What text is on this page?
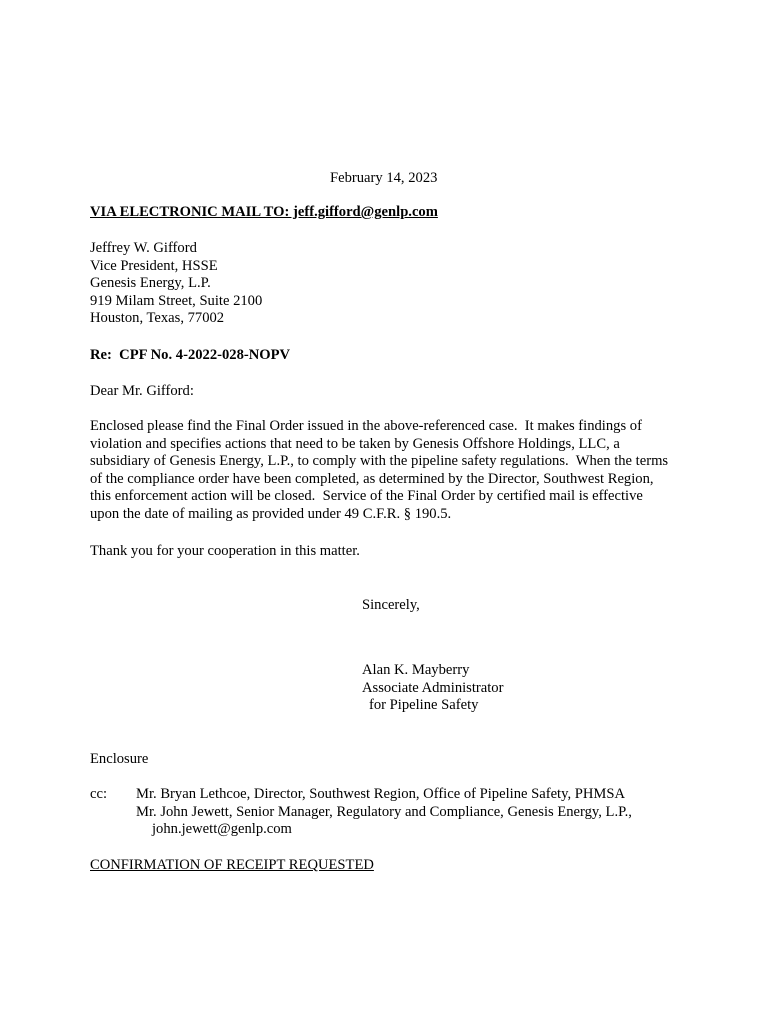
February 14, 2023
VIA ELECTRONIC MAIL TO: jeff.gifford@genlp.com
Jeffrey W. Gifford
Vice President, HSSE
Genesis Energy, L.P.
919 Milam Street, Suite 2100
Houston, Texas, 77002
Re:  CPF No. 4-2022-028-NOPV
Dear Mr. Gifford:
Enclosed please find the Final Order issued in the above-referenced case.  It makes findings of violation and specifies actions that need to be taken by Genesis Offshore Holdings, LLC, a subsidiary of Genesis Energy, L.P., to comply with the pipeline safety regulations.  When the terms of the compliance order have been completed, as determined by the Director, Southwest Region, this enforcement action will be closed.  Service of the Final Order by certified mail is effective upon the date of mailing as provided under 49 C.F.R. § 190.5.
Thank you for your cooperation in this matter.
Sincerely,
Alan K. Mayberry
Associate Administrator
for Pipeline Safety
Enclosure
cc: Mr. Bryan Lethcoe, Director, Southwest Region, Office of Pipeline Safety, PHMSA
Mr. John Jewett, Senior Manager, Regulatory and Compliance, Genesis Energy, L.P.,
john.jewett@genlp.com
CONFIRMATION OF RECEIPT REQUESTED
